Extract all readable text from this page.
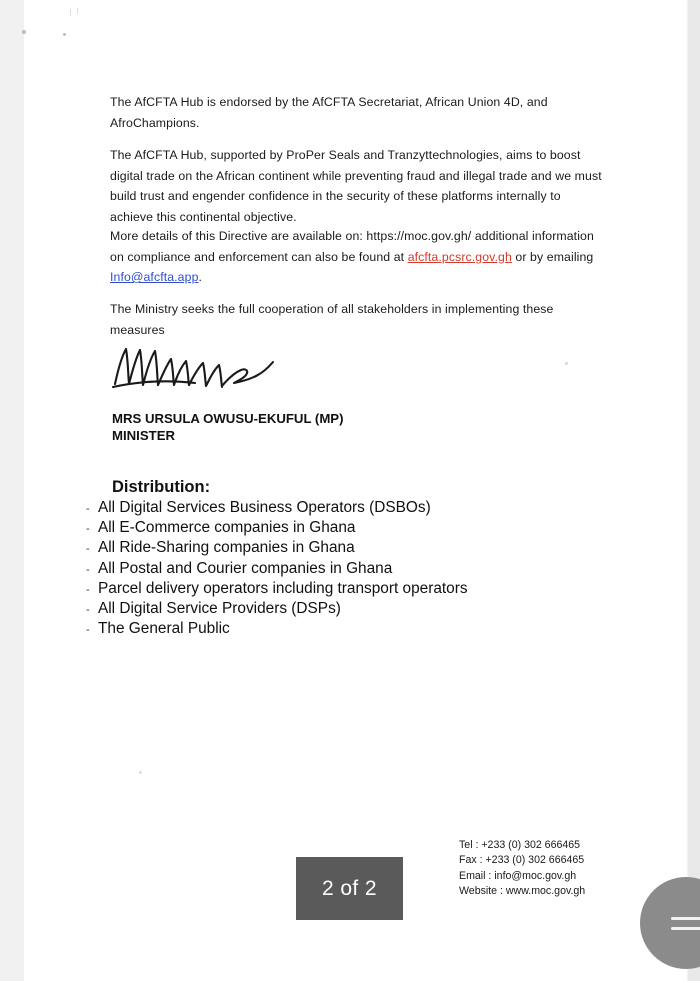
The AfCFTA Hub is endorsed by the AfCFTA Secretariat, African Union 4D, and AfroChampions.

The AfCFTA Hub, supported by ProPer Seals and Tranzyttechnologies, aims to boost digital trade on the African continent while preventing fraud and illegal trade and we must build trust and engender confidence in the security of these platforms internally to achieve this continental objective.

More details of this Directive are available on: https://moc.gov.gh/ additional information on compliance and enforcement can also be found at afcfta.pcsrc.gov.gh or by emailing Info@afcfta.app.

The Ministry seeks the full cooperation of all stakeholders in implementing these measures

MRS URSULA OWUSU-EKUFUL (MP)
MINISTER
Distribution:
- All Digital Services Business Operators (DSBOs)
- All E-Commerce companies in Ghana
- All Ride-Sharing companies in Ghana
- All Postal and Courier companies in Ghana
- Parcel delivery operators including transport operators
- All Digital Service Providers (DSPs)
- The General Public
Tel : +233 (0) 302 666465
Fax : +233 (0) 302 666465
Email : info@moc.gov.gh
Website : www.moc.gov.gh
2 of 2
